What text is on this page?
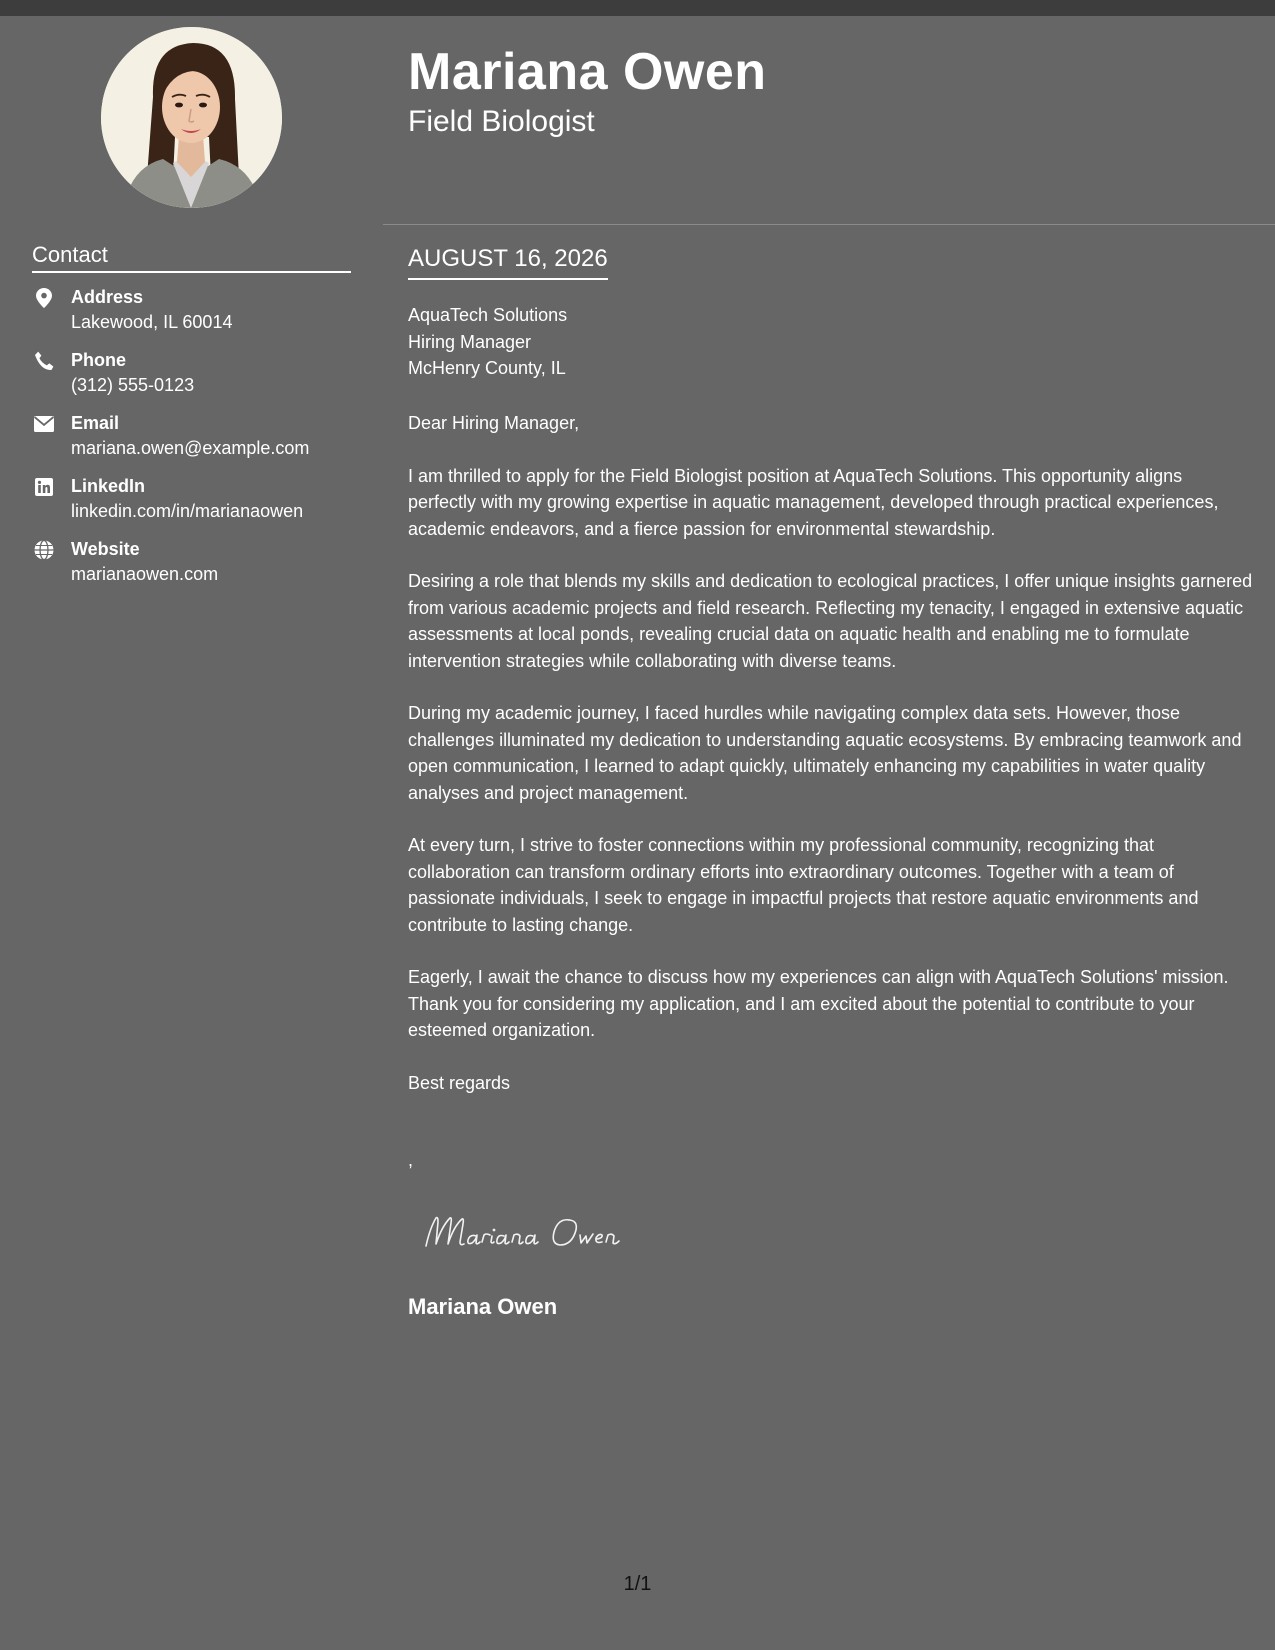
Mariana Owen
Field Biologist
Contact
Address
Lakewood, IL 60014
Phone
(312) 555-0123
Email
mariana.owen@example.com
LinkedIn
linkedin.com/in/marianaowen
Website
marianaowen.com
AUGUST 16, 2026
AquaTech Solutions
Hiring Manager
McHenry County, IL

Dear Hiring Manager,

I am thrilled to apply for the Field Biologist position at AquaTech Solutions. This opportunity aligns perfectly with my growing expertise in aquatic management, developed through practical experiences, academic endeavors, and a fierce passion for environmental stewardship.

Desiring a role that blends my skills and dedication to ecological practices, I offer unique insights garnered from various academic projects and field research. Reflecting my tenacity, I engaged in extensive aquatic assessments at local ponds, revealing crucial data on aquatic health and enabling me to formulate intervention strategies while collaborating with diverse teams.

During my academic journey, I faced hurdles while navigating complex data sets. However, those challenges illuminated my dedication to understanding aquatic ecosystems. By embracing teamwork and open communication, I learned to adapt quickly, ultimately enhancing my capabilities in water quality analyses and project management.

At every turn, I strive to foster connections within my professional community, recognizing that collaboration can transform ordinary efforts into extraordinary outcomes. Together with a team of passionate individuals, I seek to engage in impactful projects that restore aquatic environments and contribute to lasting change.

Eagerly, I await the chance to discuss how my experiences can align with AquaTech Solutions' mission. Thank you for considering my application, and I am excited about the potential to contribute to your esteemed organization.

Best regards
,
Mariana Owen
1/1
